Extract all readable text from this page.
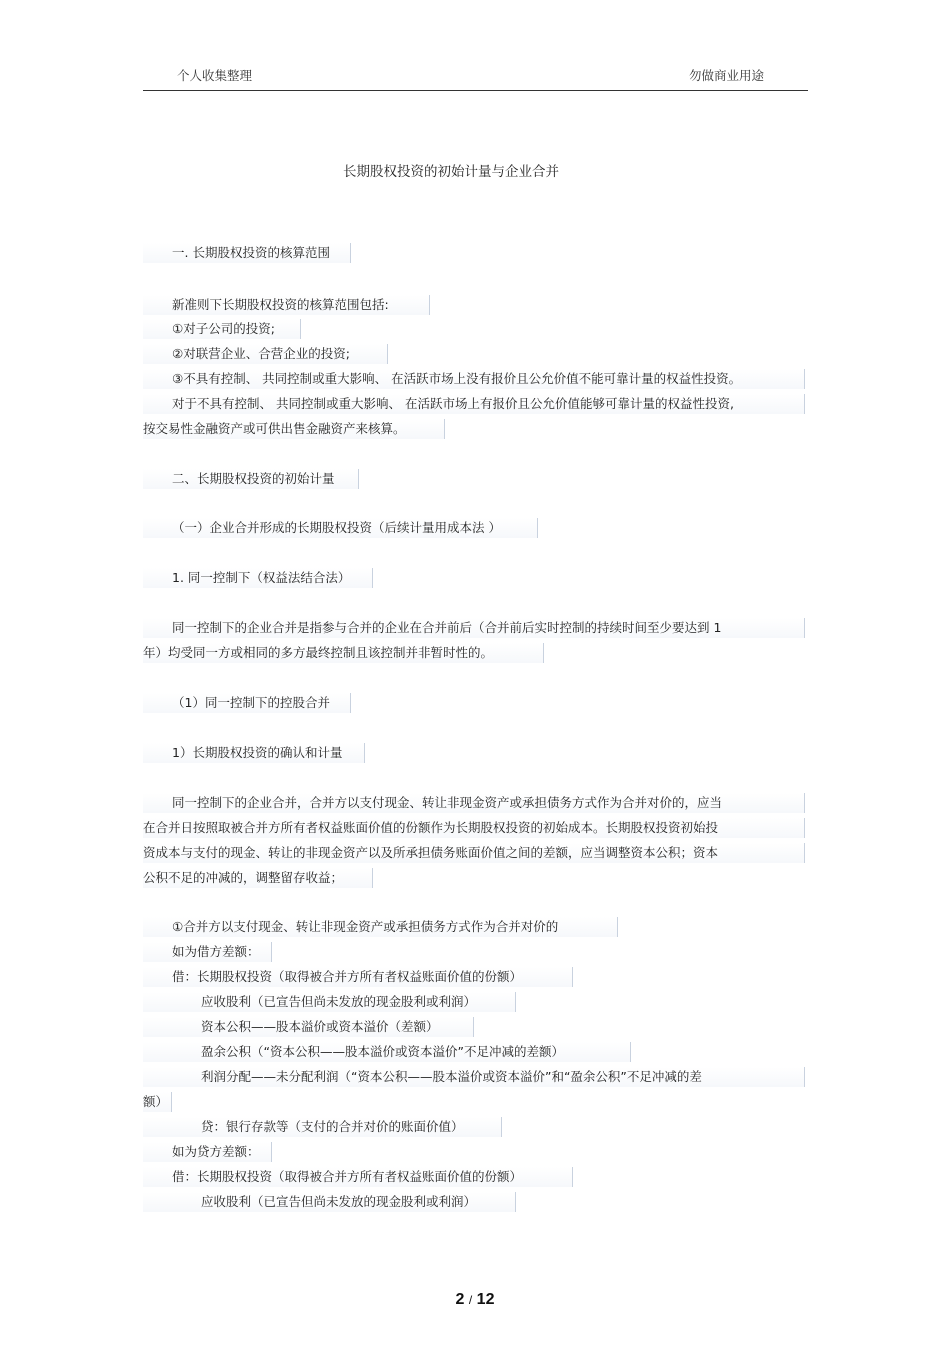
个人收集整理	勿做商业用途
长期股权投资的初始计量与企业合并
一. 长期股权投资的核算范围
新准则下长期股权投资的核算范围包括:
①对子公司的投资;
②对联营企业、合营企业的投资;
③不具有控制、 共同控制或重大影响、 在活跃市场上没有报价且公允价值不能可靠计量的权益性投资。
对于不具有控制、 共同控制或重大影响、 在活跃市场上有报价且公允价值能够可靠计量的权益性投资,
按交易性金融资产或可供出售金融资产来核算。
二、长期股权投资的初始计量
（一）企业合并形成的长期股权投资（后续计量用成本法 ）
1. 同一控制下（权益法结合法）
同一控制下的企业合并是指参与合并的企业在合并前后（合并前后实时控制的持续时间至少要达到 1
年）均受同一方或相同的多方最终控制且该控制并非暂时性的。
（1）同一控制下的控股合并
1）长期股权投资的确认和计量
同一控制下的企业合并，合并方以支付现金、转让非现金资产或承担债务方式作为合并对价的，应当
在合并日按照取被合并方所有者权益账面价值的份额作为长期股权投资的初始成本。长期股权投资初始投
资成本与支付的现金、转让的非现金资产以及所承担债务账面价值之间的差额，应当调整资本公积；资本
公积不足的冲减的，调整留存收益；
①合并方以支付现金、转让非现金资产或承担债务方式作为合并对价的
如为借方差额：
借：长期股权投资（取得被合并方所有者权益账面价值的份额）
应收股利（已宣告但尚未发放的现金股利或利润）
资本公积——股本溢价或资本溢价（差额）
盈余公积（“资本公积——股本溢价或资本溢价”不足冲减的差额）
利润分配——未分配利润（“资本公积——股本溢价或资本溢价”和“盈余公积”不足冲减的差
额）
贷：银行存款等（支付的合并对价的账面价值）
如为贷方差额：
借：长期股权投资（取得被合并方所有者权益账面价值的份额）
应收股利（已宣告但尚未发放的现金股利或利润）
2 / 12
